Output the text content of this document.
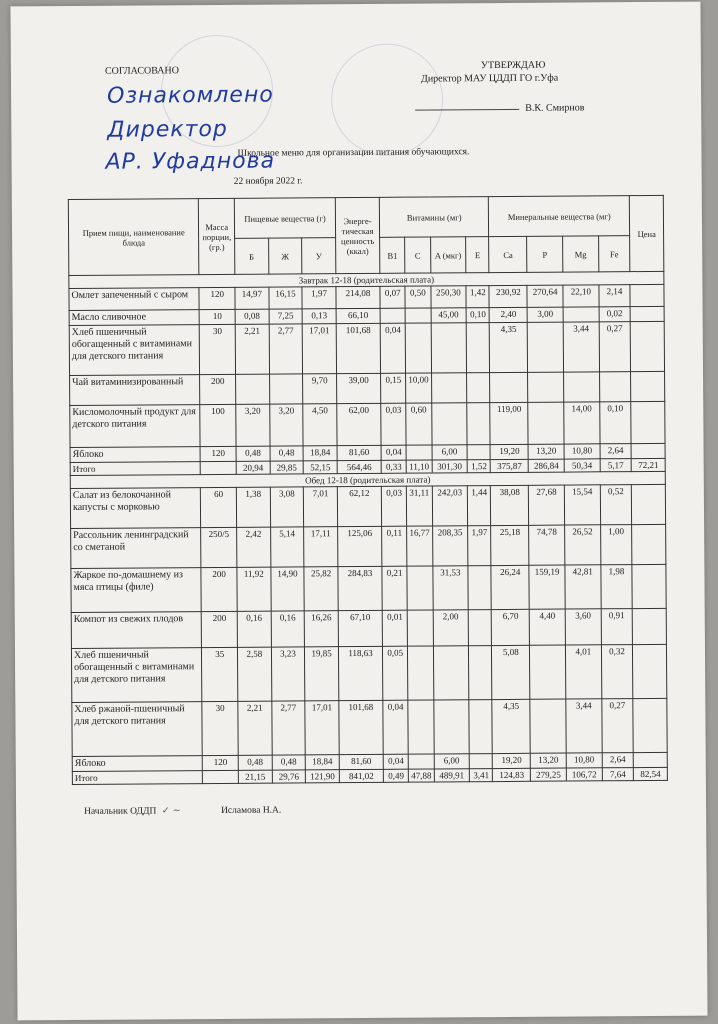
СОГЛАСОВАНО	УТВЕРЖДАЮ
Директор МАУ ЦДДП ГО г.Уфа
В.К. Смирнов
Ознакомлено
Директор
АР. Уфаднова
Школьное меню для организации питания обучающихся.
22 ноября 2022 г.
Прием пищи, наименование блюда	Масса порции, (гр.)	Пищевые вещества (г)			Энерге-тическая ценность (ккал)	Витамины (мг)				Минеральные вещества (мг)				Цена
		Б	Ж	У		B1	C	A (мкг)	E	Ca	P	Mg	Fe	
Завтрак 12-18 (родительская плата)														
Омлет запеченный с сыром	120	14,97	16,15	1,97	214,08	0,07	0,50	250,30	1,42	230,92	270,64	22,10	2,14	
Масло сливочное	10	0,08	7,25	0,13	66,10			45,00	0,10	2,40	3,00		0,02	
Хлеб пшеничный обогащенный с витаминами для детского питания	30	2,21	2,77	17,01	101,68	0,04				4,35		3,44	0,27	
Чай витаминизированный	200			9,70	39,00	0,15	10,00							
Кисломолочный продукт для детского питания	100	3,20	3,20	4,50	62,00	0,03	0,60			119,00		14,00	0,10	
Яблоко	120	0,48	0,48	18,84	81,60	0,04		6,00		19,20	13,20	10,80	2,64	
Итого		20,94	29,85	52,15	564,46	0,33	11,10	301,30	1,52	375,87	286,84	50,34	5,17	72,21
Обед 12-18 (родительская плата)														
Салат из белокочанной капусты с морковью	60	1,38	3,08	7,01	62,12	0,03	31,11	242,03	1,44	38,08	27,68	15,54	0,52	
Рассольник ленинградский со сметаной	250/5	2,42	5,14	17,11	125,06	0,11	16,77	208,35	1,97	25,18	74,78	26,52	1,00	
Жаркое по-домашнему из мяса птицы (филе)	200	11,92	14,90	25,82	284,83	0,21		31,53		26,24	159,19	42,81	1,98	
Компот из свежих плодов	200	0,16	0,16	16,26	67,10	0,01		2,00		6,70	4,40	3,60	0,91	
Хлеб пшеничный обогащенный с витаминами для детского питания	35	2,58	3,23	19,85	118,63	0,05				5,08		4,01	0,32	
Хлеб ржаной-пшеничный для детского питания	30	2,21	2,77	17,01	101,68	0,04				4,35		3,44	0,27	
Яблоко	120	0,48	0,48	18,84	81,60	0,04		6,00		19,20	13,20	10,80	2,64	
Итого		21,15	29,76	121,90	841,02	0,49	47,88	489,91	3,41	124,83	279,25	106,72	7,64	82,54
Начальник ОДДП  ✓ ~	Исламова Н.А.
